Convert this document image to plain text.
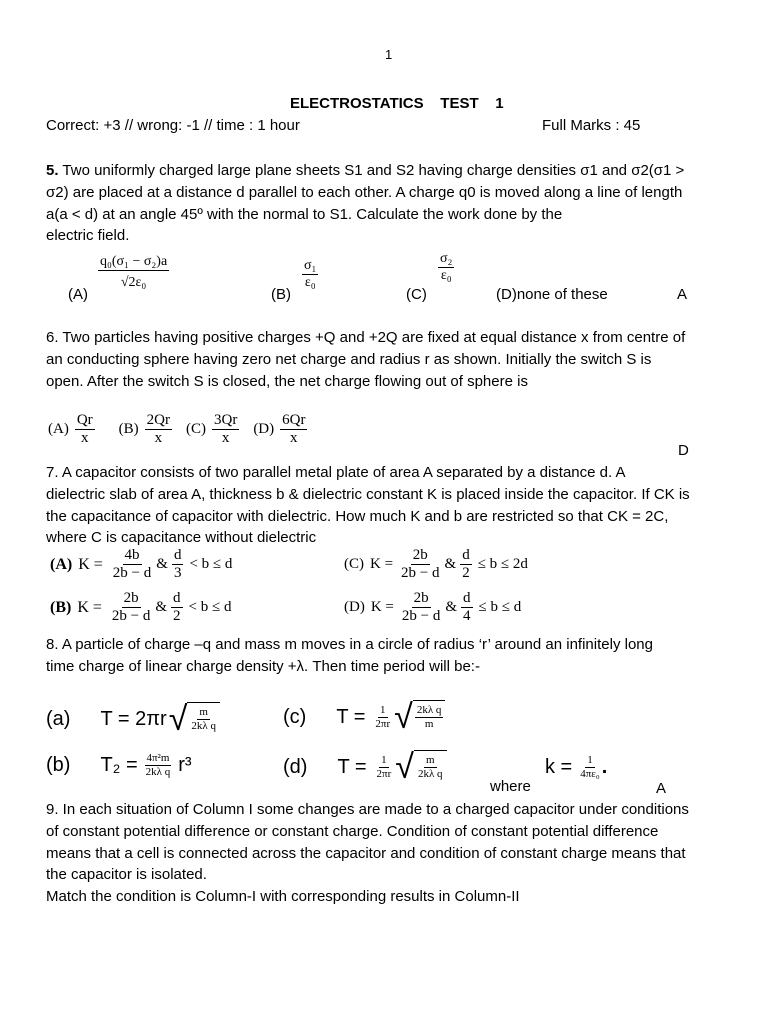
1
ELECTROSTATICS    TEST    1
Correct: +3 // wrong: -1 // time : 1 hour	Full Marks : 45
5. Two uniformly charged large plane sheets S1 and S2 having charge densities σ1 and σ2(σ1 >
σ2) are placed at a distance d parallel to each other. A charge q0 is moved along a line of length
a(a < d) at an angle 45º with the normal to S1. Calculate the work done by the
electric field.
(A)
$\frac{\text{q₀(σ₁ − σ₂)a}}{\text{√2ε₀}}$
(B)
$\frac{\text{σ₁}}{\text{ε₀}}$
(C)
$\frac{\text{σ₂}}{\text{ε₀}}$
(D)none of these	A
6. Two particles having positive charges +Q and +2Q are fixed at equal distance x from centre of
an conducting sphere having zero net charge and radius r as shown. Initially the switch S is
open. After the switch S is closed, the net charge flowing out of sphere is
$(A) \frac{Qr}{x} (B) \frac{2Qr}{x} (C) \frac{3Qr}{x} (D) \frac{6Qr}{x}$
D
7. A capacitor consists of two parallel metal plate of area A separated by a distance d. A
dielectric slab of area A, thickness b & dielectric constant K is placed inside the capacitor. If CK is
the capacitance of capacitor with dielectric. How much K and b are restricted so that CK = 2C,
where C is capacitance without dielectric
(A) $K = \frac{4b}{2b - d}$ & $\frac{d}{3} < b \le d$	(C) $K = \frac{2b}{2b - d}$ & $\frac{d}{2} \le b \le 2d$
(B) $K = \frac{2b}{2b - d}$ & $\frac{d}{2} < b \le d$	(D) $K = \frac{2b}{2b - d}$ & $\frac{d}{4} \le b \le d$
8. A particle of charge –q and mass m moves in a circle of radius ‘r’ around an infinitely long
time charge of linear charge density +λ. Then time period will be:-
(a) T = 2πr √ $\frac{m}{\text{2kλ q}}$	(c) $T = \frac{1}{2\pi r}$ √ $\frac{\text{2kλ q}}{m}$
(b) $T_2 = \frac{\text{4π²m}}{\text{2kλ q}} r^3$	(d) $T = \frac{1}{2\pi r}$ √ $\frac{m}{\text{2kλ q}}$
where
$k = \frac{1}{\text{4πε₀}}$ .
A
9. In each situation of Column I some changes are made to a charged capacitor under conditions
of constant potential difference or constant charge. Condition of constant potential difference
means that a cell is connected across the capacitor and condition of constant charge means that
the capacitor is isolated.
Match the condition is Column-I with corresponding results in Column-II
